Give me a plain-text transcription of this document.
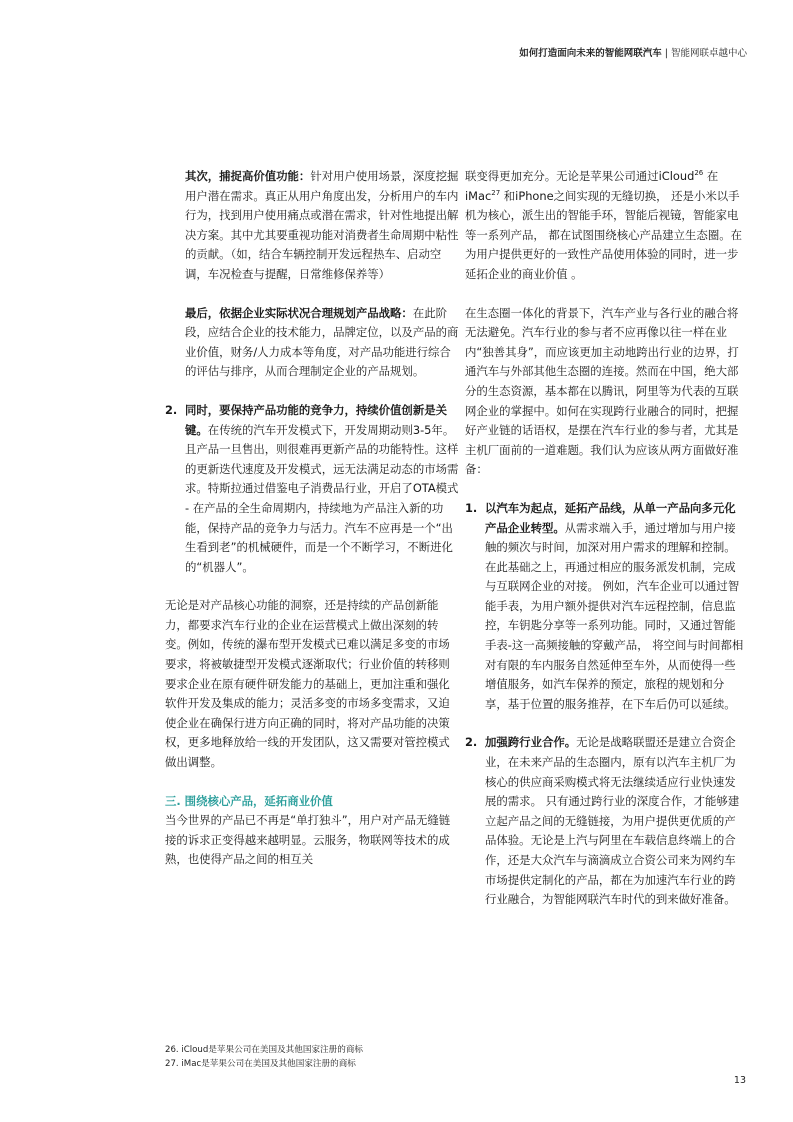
如何打造面向未来的智能网联汽车 | 智能网联卓越中心

其次，捕捉高价值功能：针对用户使用场景，深度挖掘用户潜在需求。真正从用户角度出发，分析用户的车内行为，找到用户使用痛点或潜在需求，针对性地提出解决方案。其中尤其要重视功能对消费者生命周期中粘性的贡献。（如，结合车辆控制开发远程热车、启动空调，车况检查与提醒，日常维修保养等）

最后，依据企业实际状况合理规划产品战略：在此阶段，应结合企业的技术能力，品牌定位，以及产品的商业价值，财务/人力成本等角度，对产品功能进行综合的评估与排序，从而合理制定企业的产品规划。

2. 同时，要保持产品功能的竞争力，持续价值创新是关键。在传统的汽车开发模式下，开发周期动则3-5年。且产品一旦售出，则很难再更新产品的功能特性。这样的更新迭代速度及开发模式，远无法满足动态的市场需求。特斯拉通过借鉴电子消费品行业，开启了OTA模式 - 在产品的全生命周期内，持续地为产品注入新的功能，保持产品的竞争力与活力。汽车不应再是一个“出生看到老”的机械硬件，而是一个不断学习，不断进化的“机器人”。

无论是对产品核心功能的洞察，还是持续的产品创新能力，都要求汽车行业的企业在运营模式上做出深刻的转变。例如，传统的瀑布型开发模式已难以满足多变的市场要求，将被敏捷型开发模式逐渐取代；行业价值的转移则要求企业在原有硬件研发能力的基础上，更加注重和强化软件开发及集成的能力；灵活多变的市场多变需求，又迫使企业在确保行进方向正确的同时，将对产品功能的决策权，更多地释放给一线的开发团队，这又需要对管控模式做出调整。

三. 围绕核心产品，延拓商业价值

当今世界的产品已不再是“单打独斗”，用户对产品无缝链接的诉求正变得越来越明显。云服务，物联网等技术的成熟，也使得产品之间的相互关

联变得更加充分。无论是苹果公司通过iCloud$^{26}$ 在iMac$^{27}$ 和iPhone之间实现的无缝切换， 还是小米以手机为核心，派生出的智能手环，智能后视镜，智能家电等一系列产品， 都在试图围绕核心产品建立生态圈。在为用户提供更好的一致性产品使用体验的同时，进一步延拓企业的商业价值 。

在生态圈一体化的背景下，汽车产业与各行业的融合将无法避免。汽车行业的参与者不应再像以往一样在业内“独善其身”，而应该更加主动地跨出行业的边界，打通汽车与外部其他生态圈的连接。然而在中国，绝大部分的生态资源，基本都在以腾讯，阿里等为代表的互联网企业的掌握中。如何在实现跨行业融合的同时，把握好产业链的话语权，是摆在汽车行业的参与者，尤其是主机厂面前的一道难题。我们认为应该从两方面做好准备：

1. 以汽车为起点，延拓产品线，从单一产品向多元化产品企业转型。从需求端入手，通过增加与用户接触的频次与时间，加深对用户需求的理解和控制。在此基础之上，再通过相应的服务派发机制，完成与互联网企业的对接。 例如，汽车企业可以通过智能手表，为用户额外提供对汽车远程控制，信息监控，车钥匙分享等一系列功能。同时，又通过智能手表-这一高频接触的穿戴产品， 将空间与时间都相对有限的车内服务自然延伸至车外，从而使得一些增值服务，如汽车保养的预定，旅程的规划和分享，基于位置的服务推荐，在下车后仍可以延续。
2. 加强跨行业合作。无论是战略联盟还是建立合资企业，在未来产品的生态圈内，原有以汽车主机厂为核心的供应商采购模式将无法继续适应行业快速发展的需求。 只有通过跨行业的深度合作，才能够建立起产品之间的无缝链接，为用户提供更优质的产品体验。无论是上汽与阿里在车载信息终端上的合作，还是大众汽车与滴滴成立合资公司来为网约车市场提供定制化的产品，都在为加速汽车行业的跨行业融合，为智能网联汽车时代的到来做好准备。
26. iCloud是苹果公司在美国及其他国家注册的商标
27. iMac是苹果公司在美国及其他国家注册的商标
13
